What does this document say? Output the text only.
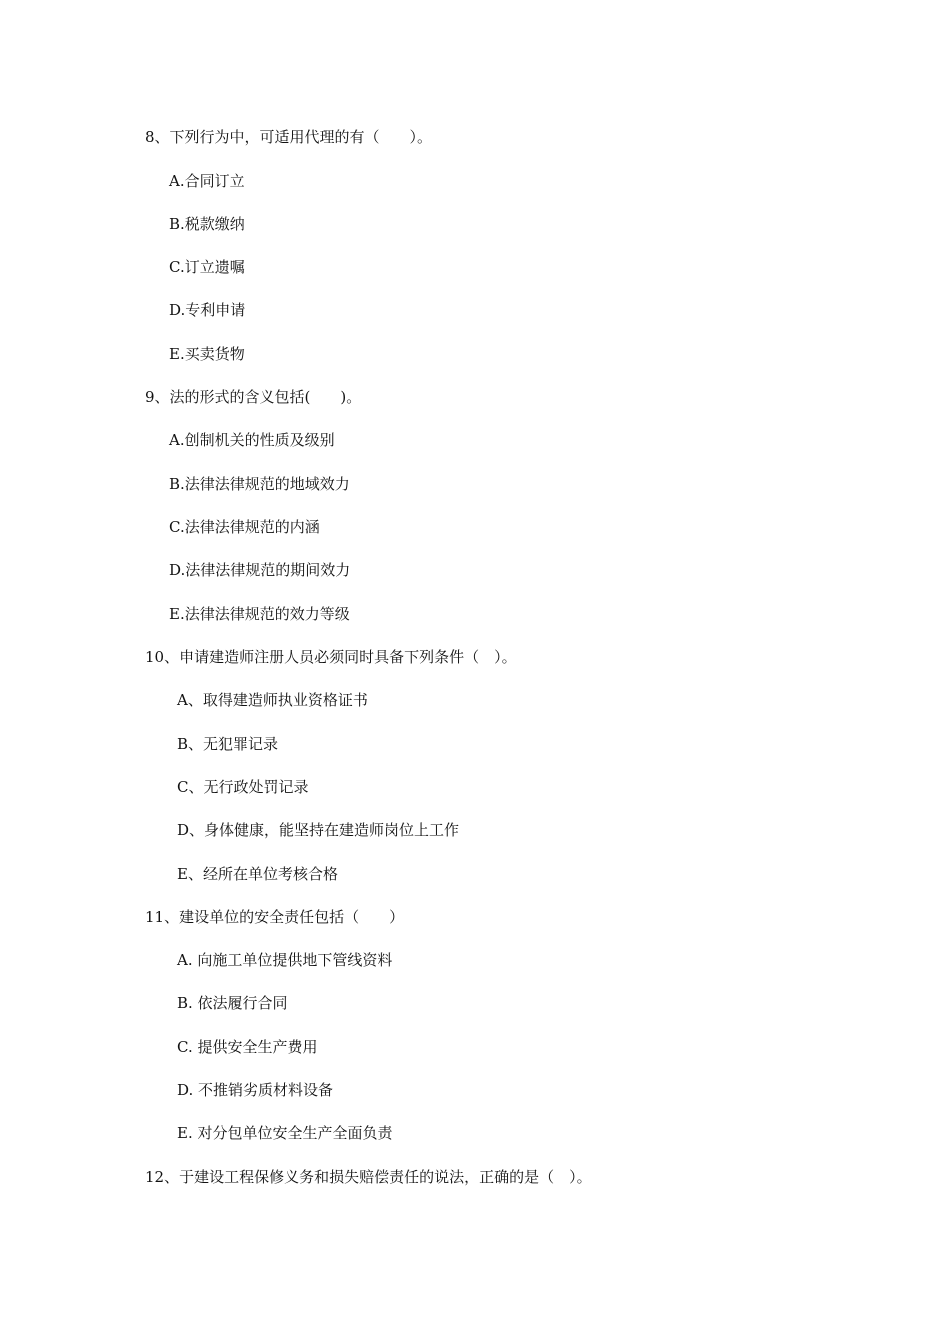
8、下列行为中，可适用代理的有（　　）。
A.合同订立
B.税款缴纳
C.订立遗嘱
D.专利申请
E.买卖货物
9、法的形式的含义包括(　　)。
A.创制机关的性质及级别
B.法律法律规范的地域效力
C.法律法律规范的内涵
D.法律法律规范的期间效力
E.法律法律规范的效力等级
10、申请建造师注册人员必须同时具备下列条件（　）。
A、取得建造师执业资格证书
B、无犯罪记录
C、无行政处罚记录
D、身体健康，能坚持在建造师岗位上工作
E、经所在单位考核合格
11、建设单位的安全责任包括（　　）
A. 向施工单位提供地下管线资料
B. 依法履行合同
C. 提供安全生产费用
D. 不推销劣质材料设备
E. 对分包单位安全生产全面负责
12、于建设工程保修义务和损失赔偿责任的说法，正确的是（　）。
